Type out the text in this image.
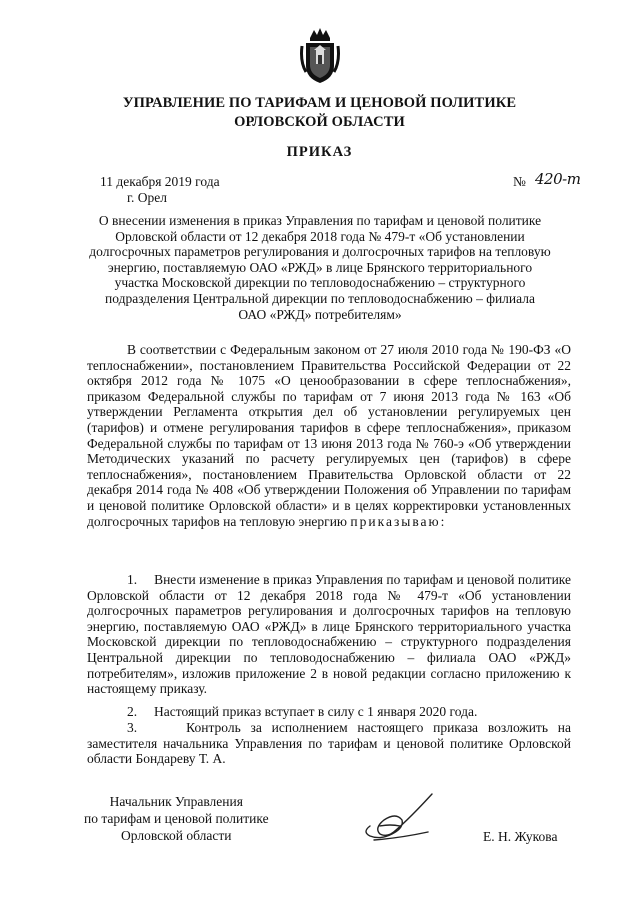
УПРАВЛЕНИЕ ПО ТАРИФАМ И ЦЕНОВОЙ ПОЛИТИКЕ
ОРЛОВСКОЙ ОБЛАСТИ
ПРИКАЗ
11 декабря 2019 года
г. Орел
№ 420-т
О внесении изменения в приказ Управления по тарифам и ценовой политике
Орловской области от 12 декабря 2018 года № 479-т «Об установлении
долгосрочных параметров регулирования и долгосрочных тарифов на тепловую
энергию, поставляемую ОАО «РЖД» в лице Брянского территориального
участка Московской дирекции по тепловодоснабжению – структурного
подразделения Центральной дирекции по тепловодоснабжению – филиала
ОАО «РЖД» потребителям»
В соответствии с Федеральным законом от 27 июля 2010 года № 190-ФЗ «О теплоснабжении», постановлением Правительства Российской Федерации от 22 октября 2012 года № 1075 «О ценообразовании в сфере теплоснабжения», приказом Федеральной службы по тарифам от 7 июня 2013 года № 163 «Об утверждении Регламента открытия дел об установлении регулируемых цен (тарифов) и отмене регулирования тарифов в сфере теплоснабжения», приказом Федеральной службы по тарифам от 13 июня 2013 года № 760-э «Об утверждении Методических указаний по расчету регулируемых цен (тарифов) в сфере теплоснабжения», постановлением Правительства Орловской области от 22 декабря 2014 года № 408 «Об утверждении Положения об Управлении по тарифам и ценовой политике Орловской области» и в целях корректировки установленных долгосрочных тарифов на тепловую энергию приказываю:
1. Внести изменение в приказ Управления по тарифам и ценовой политике Орловской области от 12 декабря 2018 года № 479-т «Об установлении долгосрочных параметров регулирования и долгосрочных тарифов на тепловую энергию, поставляемую ОАО «РЖД» в лице Брянского территориального участка Московской дирекции по тепловодоснабжению – структурного подразделения Центральной дирекции по тепловодоснабжению – филиала ОАО «РЖД» потребителям», изложив приложение 2 в новой редакции согласно приложению к настоящему приказу.
2. Настоящий приказ вступает в силу с 1 января 2020 года.
3.	Контроль за исполнением настоящего приказа возложить на заместителя начальника Управления по тарифам и ценовой политике Орловской области Бондареву Т. А.
Начальник Управления
по тарифам и ценовой политике
Орловской области	Е. Н. Жукова
